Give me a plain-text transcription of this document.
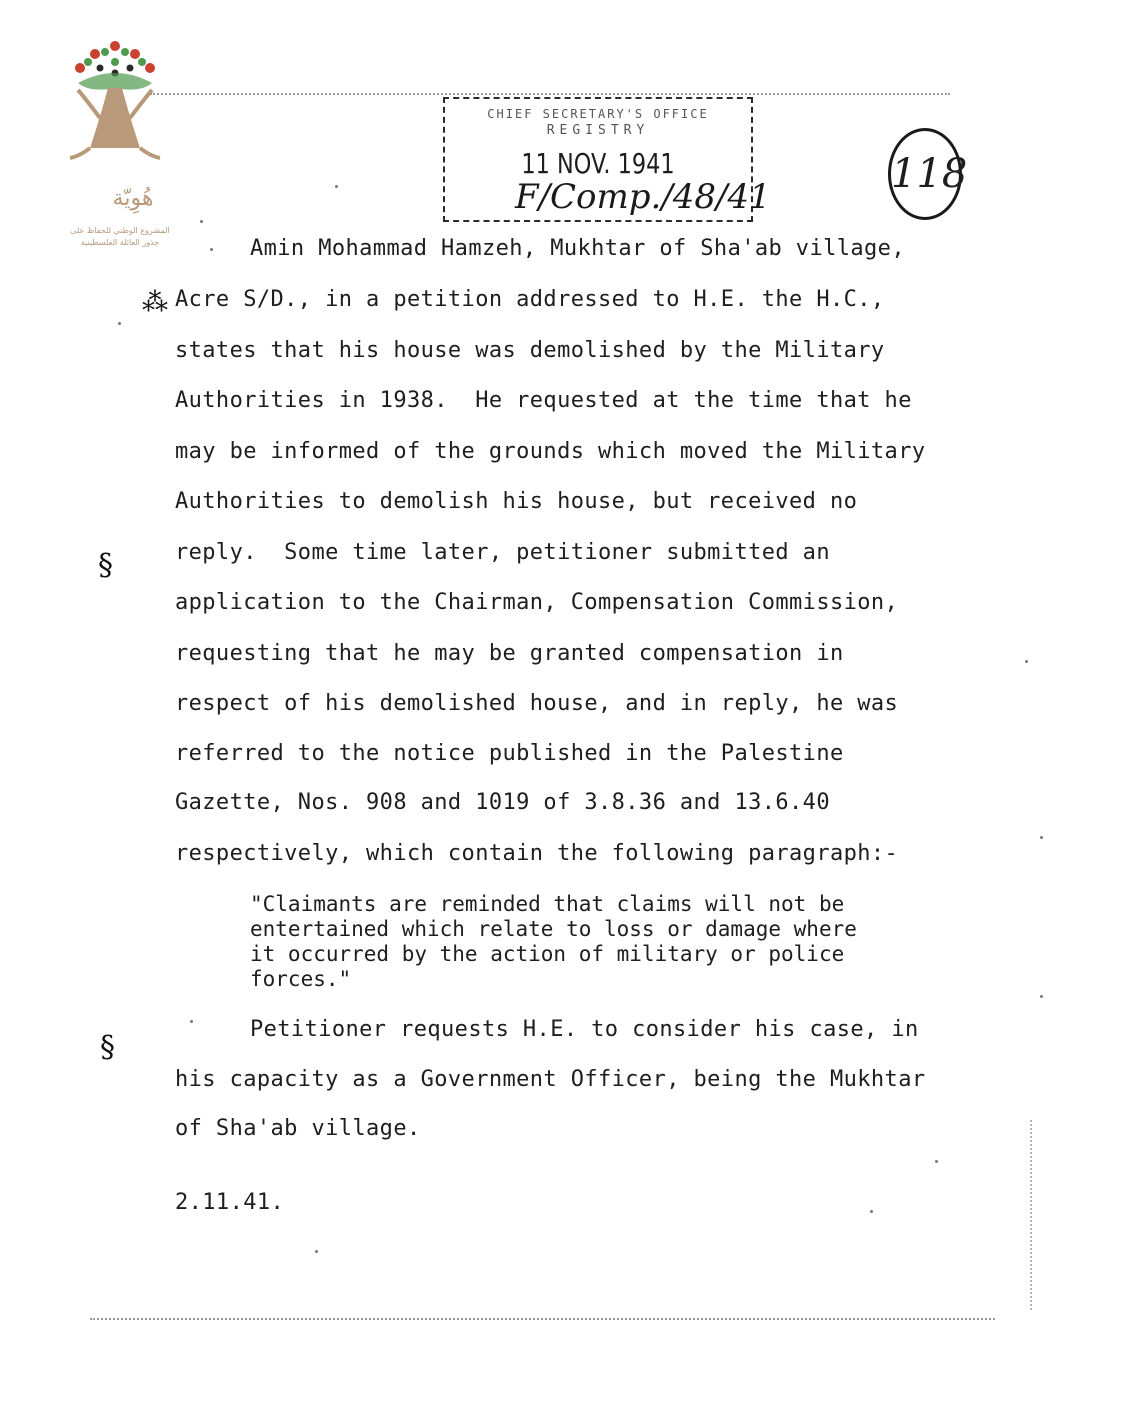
هُوِيّة
المشروع الوطني للحفاظ على
جذور العائلة الفلسطينية
CHIEF SECRETARY'S OFFICE
REGISTRY
11 NOV. 1941
F/Comp./48/41	118
Amin Mohammad Hamzeh, Mukhtar of Sha'ab village,
Acre S/D., in a petition addressed to H.E. the H.C.,
states that his house was demolished by the Military
Authorities in 1938.  He requested at the time that he
may be informed of the grounds which moved the Military
Authorities to demolish his house, but received no
reply.  Some time later, petitioner submitted an
application to the Chairman, Compensation Commission,
requesting that he may be granted compensation in
respect of his demolished house, and in reply, he was
referred to the notice published in the Palestine
Gazette, Nos. 908 and 1019 of 3.8.36 and 13.6.40
respectively, which contain the following paragraph:-
"Claimants are reminded that claims will not be
entertained which relate to loss or damage where
it occurred by the action of military or police
forces."
Petitioner requests H.E. to consider his case, in
his capacity as a Government Officer, being the Mukhtar
of Sha'ab village.
2.11.41.
⁂
§
§
